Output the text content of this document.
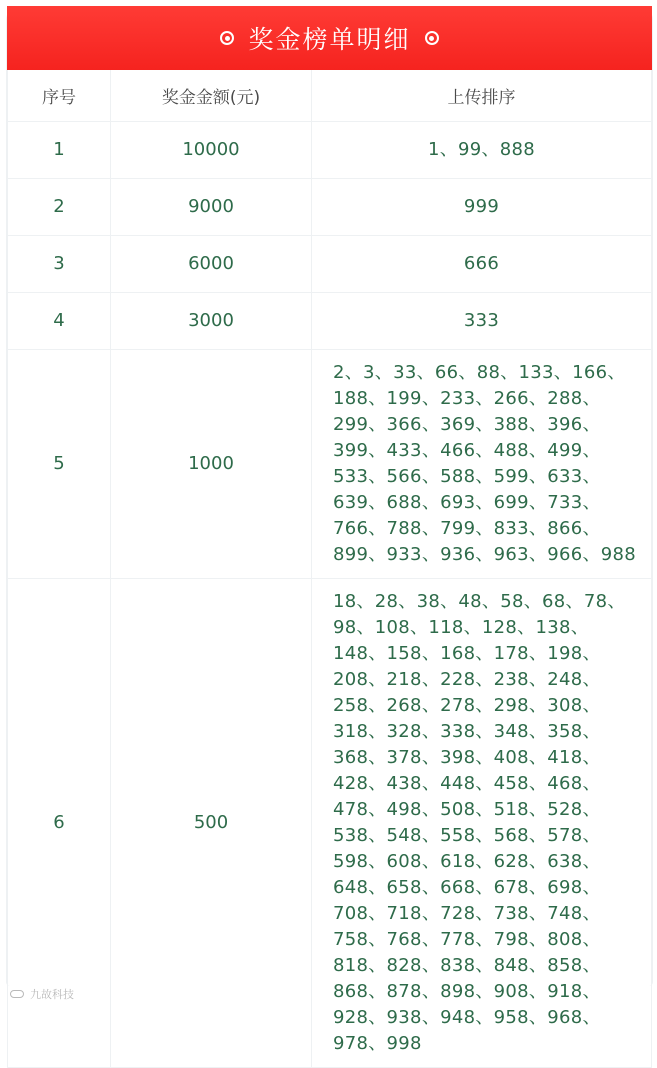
奖金榜单明细
序号	奖金金额(元)	上传排序
1	10000	1、99、888
2	9000	999
3	6000	666
4	3000	333
5	1000	2、3、33、66、88、133、166、188、199、233、266、288、299、366、369、388、396、399、433、466、488、499、533、566、588、599、633、639、688、693、699、733、766、788、799、833、866、899、933、936、963、966、988
6	500	18、28、38、48、58、68、78、98、108、118、128、138、148、158、168、178、198、208、218、228、238、248、258、268、278、298、308、318、328、338、348、358、368、378、398、408、418、428、438、448、458、468、478、498、508、518、528、538、548、558、568、578、598、608、618、628、638、648、658、668、678、698、708、718、728、738、748、758、768、778、798、808、818、828、838、848、858、868、878、898、908、918、928、938、948、958、968、978、998
九故科技
